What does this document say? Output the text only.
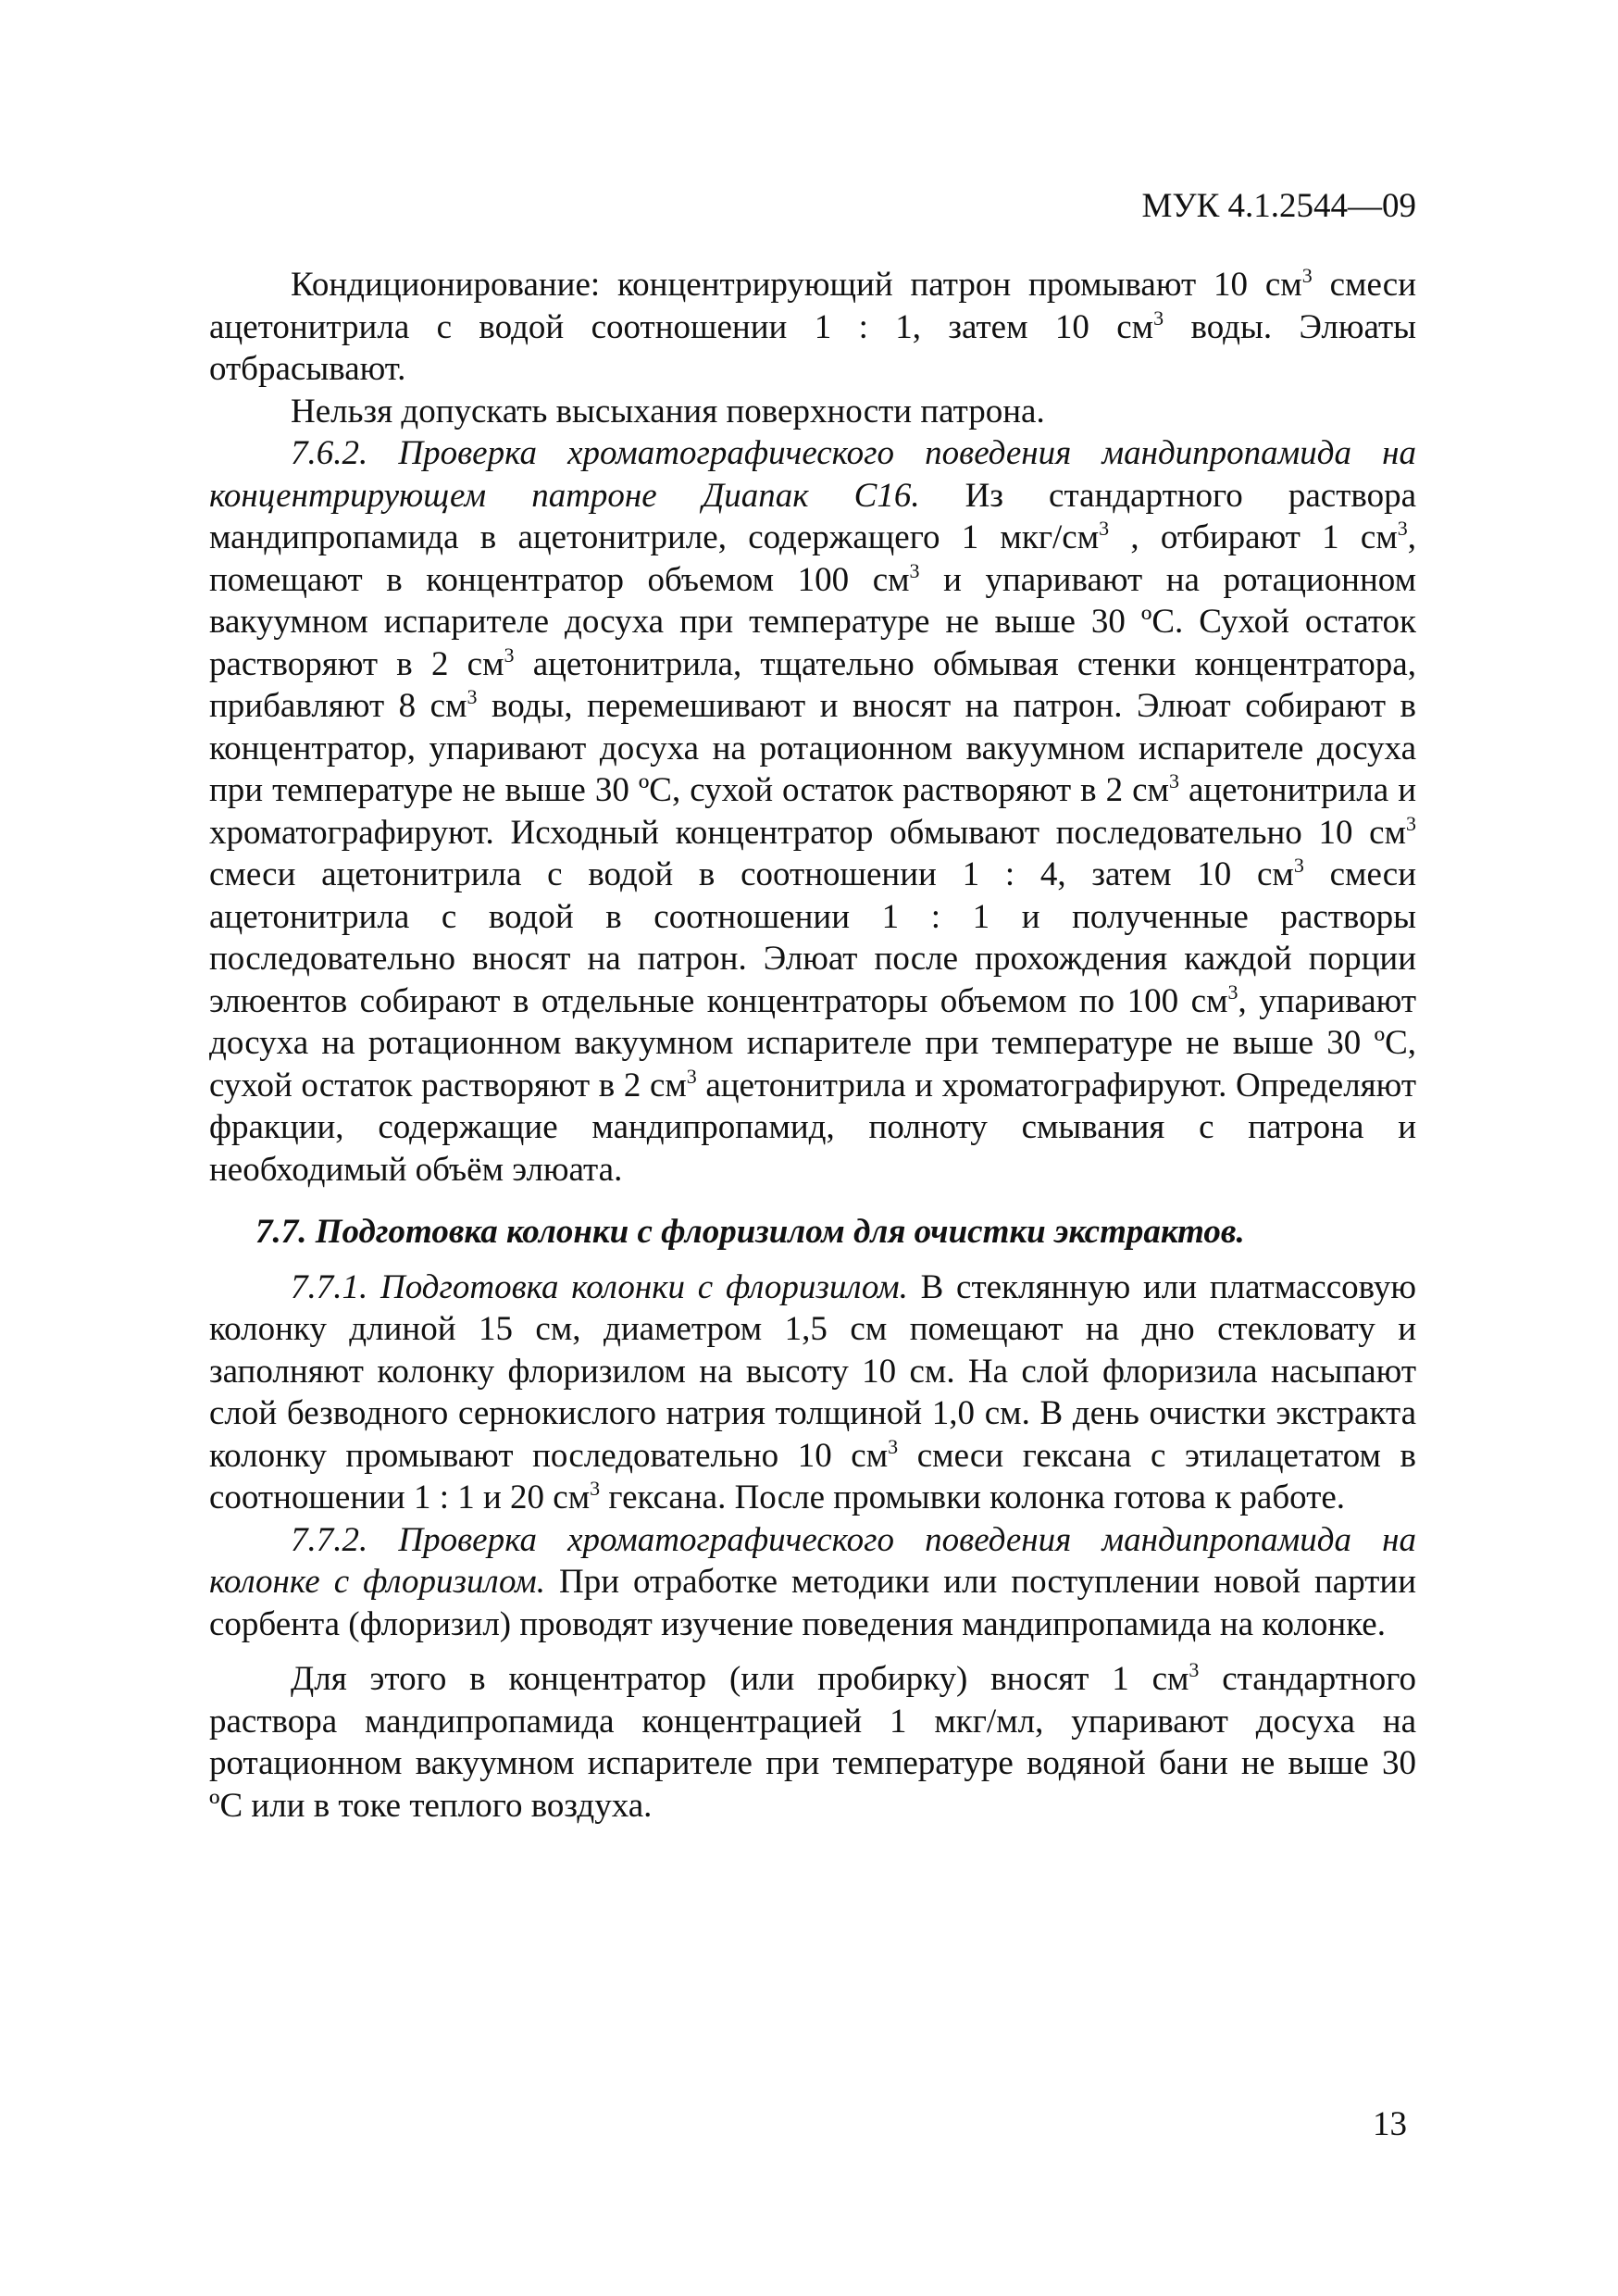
МУК 4.1.2544—09

Кондиционирование: концентрирующий патрон промывают 10 $см^3$ смеси ацетонитрила с водой соотношении 1 : 1, затем 10 $см^3$ воды. Элюаты отбрасывают.

Нельзя допускать высыхания поверхности патрона.

7.6.2. Проверка хроматографического поведения мандипропамида на концентрирующем патроне Диапак С16. Из стандартного раствора мандипропамида в ацетонитриле, содержащего 1 мкг/$см^3$ , отбирают 1 $см^3$, помещают в концентратор объемом 100 $см^3$ и упаривают на ротационном вакуумном испарителе досуха при температуре не выше 30 ºС. Сухой остаток растворяют в 2 $см^3$ ацетонитрила, тщательно обмывая стенки концентратора, прибавляют 8 $см^3$ воды, перемешивают и вносят на патрон. Элюат собирают в концентратор, упаривают досуха на ротационном вакуумном испарителе досуха при температуре не выше 30 ºС, сухой остаток растворяют в 2 $см^3$ ацетонитрила и хроматографируют. Исходный концентратор обмывают последовательно 10 $см^3$ смеси ацетонитрила с водой в соотношении 1 : 4, затем 10 $см^3$ смеси ацетонитрила с водой в соотношении 1 : 1 и полученные растворы последовательно вносят на патрон. Элюат после прохождения каждой порции элюентов собирают в отдельные концентраторы объемом по 100 $см^3$, упаривают досуха на ротационном вакуумном испарителе при температуре не выше 30 ºС, сухой остаток растворяют в 2 $см^3$ ацетонитрила и хроматографируют. Определяют фракции, содержащие мандипропамид, полноту смывания с патрона и необходимый объём элюата.

7.7. Подготовка колонки с флоризилом для очистки экстрактов.

7.7.1. Подготовка колонки с флоризилом. В стеклянную или платмассовую колонку длиной 15 см, диаметром 1,5 см помещают на дно стекловату и заполняют колонку флоризилом на высоту 10 см. На слой флоризила насыпают слой безводного сернокислого натрия толщиной 1,0 см. В день очистки экстракта колонку промывают последовательно 10 $см^3$ смеси гексана с этилацетатом в соотношении 1 : 1 и 20 $см^3$ гексана. После промывки колонка готова к работе.

7.7.2. Проверка хроматографического поведения мандипропамида на колонке с флоризилом. При отработке методики или поступлении новой партии сорбента (флоризил) проводят изучение поведения мандипропамида на колонке.

Для этого в концентратор (или пробирку) вносят 1 $см^3$ стандартного раствора мандипропамида концентрацией 1 мкг/мл, упаривают досуха на ротационном вакуумном испарителе при температуре водяной бани не выше 30 ºС или в токе теплого воздуха.

13
